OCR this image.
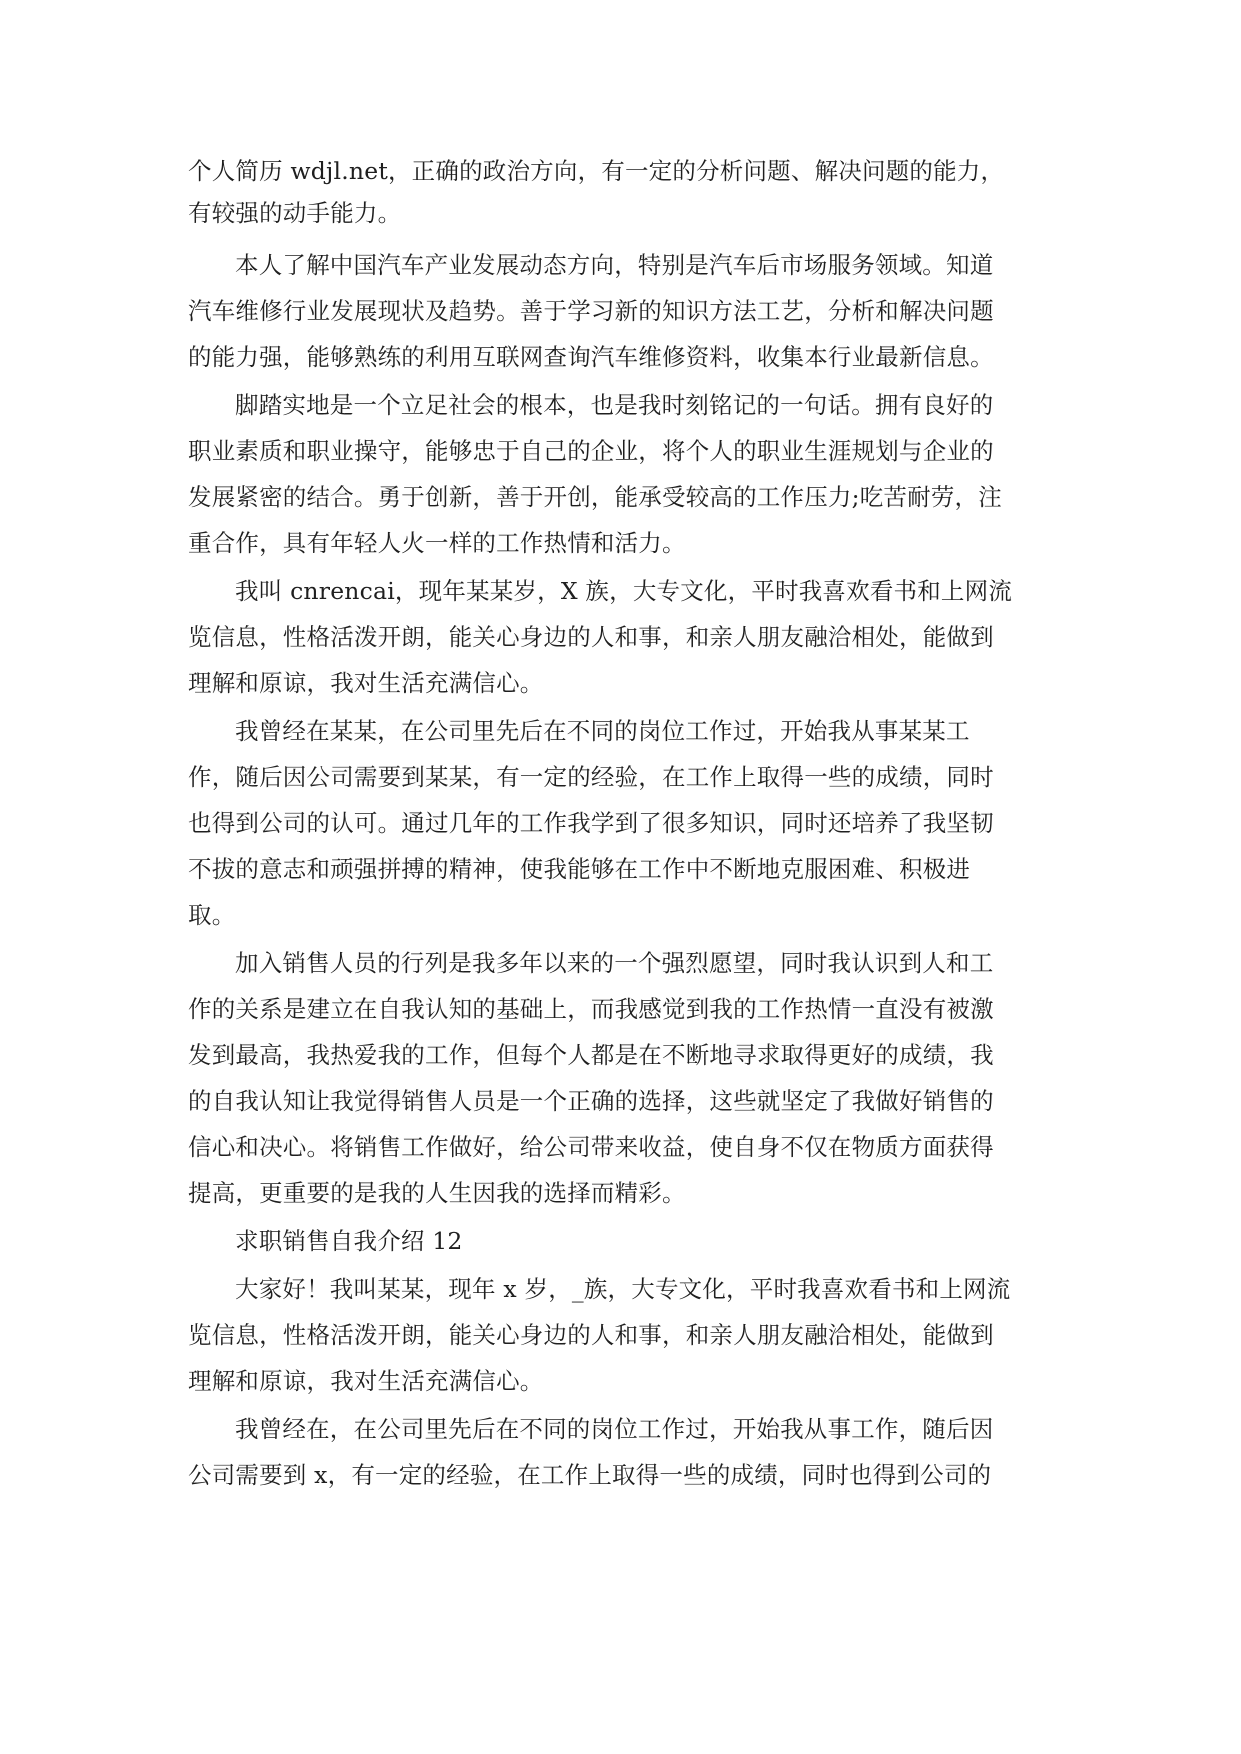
个人简历 wdjl.net，正确的政治方向，有一定的分析问题、解决问题的能力，
有较强的动手能力。
本人了解中国汽车产业发展动态方向，特别是汽车后市场服务领域。知道
汽车维修行业发展现状及趋势。善于学习新的知识方法工艺，分析和解决问题
的能力强，能够熟练的利用互联网查询汽车维修资料，收集本行业最新信息。
脚踏实地是一个立足社会的根本，也是我时刻铭记的一句话。拥有良好的
职业素质和职业操守，能够忠于自己的企业，将个人的职业生涯规划与企业的
发展紧密的结合。勇于创新，善于开创，能承受较高的工作压力;吃苦耐劳，注
重合作，具有年轻人火一样的工作热情和活力。
我叫 cnrencai，现年某某岁，X 族，大专文化，平时我喜欢看书和上网流
览信息，性格活泼开朗，能关心身边的人和事，和亲人朋友融洽相处，能做到
理解和原谅，我对生活充满信心。
我曾经在某某，在公司里先后在不同的岗位工作过，开始我从事某某工
作，随后因公司需要到某某，有一定的经验，在工作上取得一些的成绩，同时
也得到公司的认可。通过几年的工作我学到了很多知识，同时还培养了我坚韧
不拔的意志和顽强拼搏的精神，使我能够在工作中不断地克服困难、积极进
取。
加入销售人员的行列是我多年以来的一个强烈愿望，同时我认识到人和工
作的关系是建立在自我认知的基础上，而我感觉到我的工作热情一直没有被激
发到最高，我热爱我的工作，但每个人都是在不断地寻求取得更好的成绩，我
的自我认知让我觉得销售人员是一个正确的选择，这些就坚定了我做好销售的
信心和决心。将销售工作做好，给公司带来收益，使自身不仅在物质方面获得
提高，更重要的是我的人生因我的选择而精彩。
求职销售自我介绍 12
大家好！我叫某某，现年 x 岁，_族，大专文化，平时我喜欢看书和上网流
览信息，性格活泼开朗，能关心身边的人和事，和亲人朋友融洽相处，能做到
理解和原谅，我对生活充满信心。
我曾经在，在公司里先后在不同的岗位工作过，开始我从事工作，随后因
公司需要到 x，有一定的经验，在工作上取得一些的成绩，同时也得到公司的
